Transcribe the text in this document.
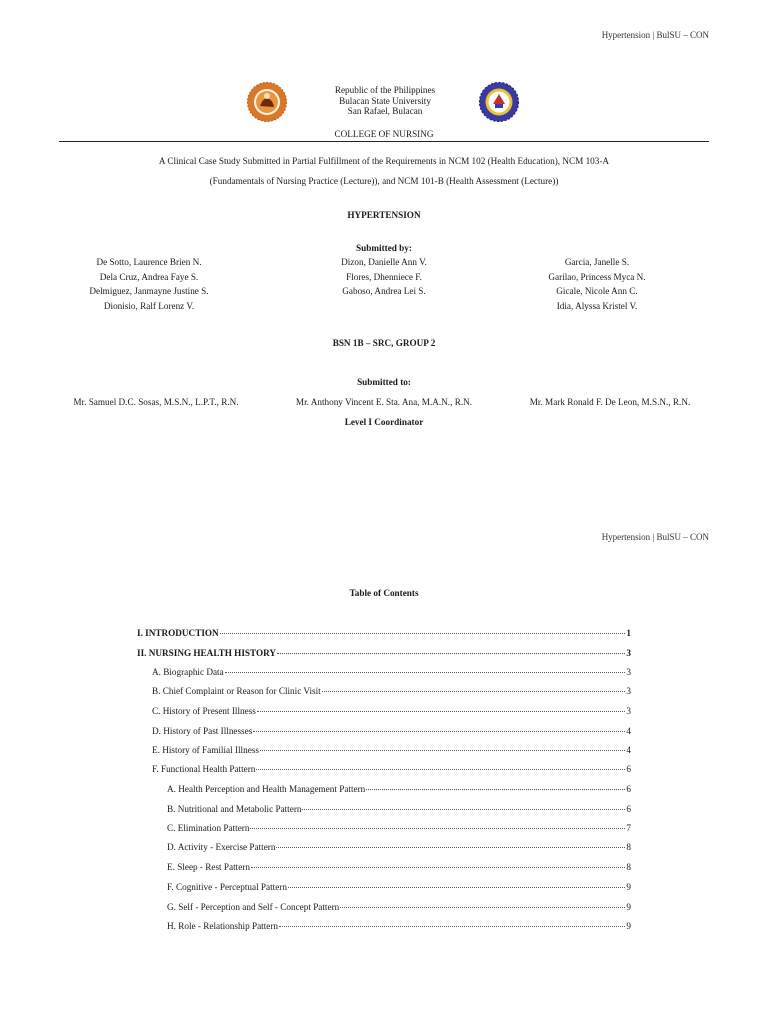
Hypertension | BulSU – CON
Republic of the Philippines
Bulacan State University
San Rafael, Bulacan
COLLEGE OF NURSING
A Clinical Case Study Submitted in Partial Fulfillment of the Requirements in NCM 102 (Health Education), NCM 103-A
(Fundamentals of Nursing Practice (Lecture)), and NCM 101-B (Health Assessment (Lecture))
HYPERTENSION
Submitted by:
De Sotto, Laurence Brien N.
Dela Cruz, Andrea Faye S.
Delmiguez, Janmayne Justine S.
Dionisio, Ralf Lorenz V.
Dizon, Danielle Ann V.
Flores, Dhenniece F.
Gaboso, Andrea Lei S.
Garcia, Janelle S.
Garilao, Princess Myca N.
Gicale, Nicole Ann C.
Idia, Alyssa Kristel V.
BSN 1B – SRC, GROUP 2
Submitted to:
Mr. Samuel D.C. Sosas, M.S.N., L.P.T., R.N.	Mr. Anthony Vincent E. Sta. Ana, M.A.N., R.N.	Mr. Mark Ronald F. De Leon, M.S.N., R.N.
Level I Coordinator
Hypertension | BulSU – CON
Table of Contents
I. INTRODUCTION	1
II. NURSING HEALTH HISTORY	3
A. Biographic Data	3
B. Chief Complaint or Reason for Clinic Visit	3
C. History of Present Illness	3
D. History of Past Illnesses	4
E. History of Familial Illness	4
F. Functional Health Pattern	6
A. Health Perception and Health Management Pattern	6
B. Nutritional and Metabolic Pattern	6
C. Elimination Pattern	7
D. Activity - Exercise Pattern	8
E. Sleep - Rest Pattern	8
F. Cognitive - Perceptual Pattern	9
G. Self - Perception and Self - Concept Pattern	9
H. Role - Relationship Pattern	9
